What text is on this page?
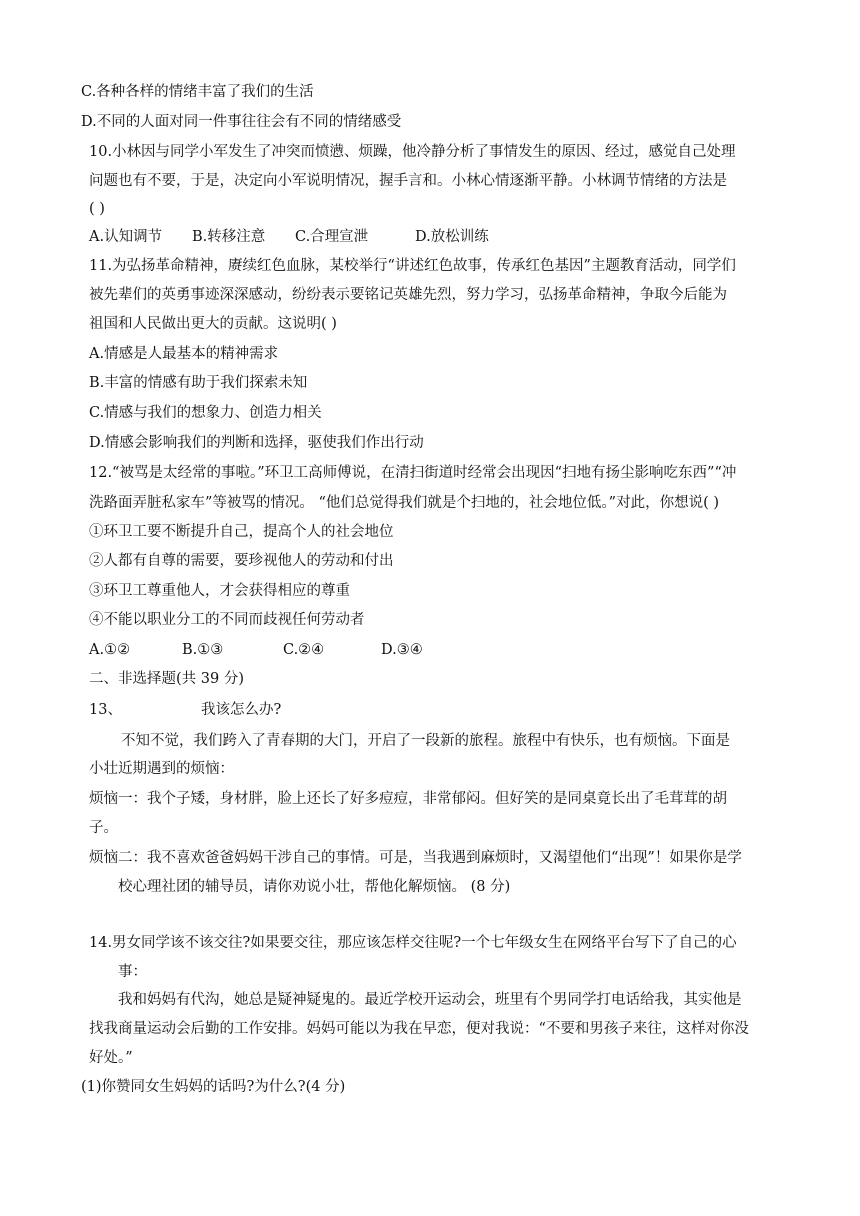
C.各种各样的情绪丰富了我们的生活
D.不同的人面对同一件事往往会有不同的情绪感受
10.小林因与同学小军发生了冲突而愤懑、烦躁，他冷静分析了事情发生的原因、经过，感觉自己处理
问题也有不要，于是，决定向小军说明情况，握手言和。小林心情逐渐平静。小林调节情绪的方法是
( )
A.认知调节 B.转移注意 C.合理宣泄	D.放松训练
11.为弘扬革命精神，赓续红色血脉，某校举行“讲述红色故事，传承红色基因”主题教育活动，同学们
被先辈们的英勇事迹深深感动，纷纷表示要铭记英雄先烈，努力学习，弘扬革命精神，争取今后能为
祖国和人民做出更大的贡献。这说明( )
A.情感是人最基本的精神需求
B.丰富的情感有助于我们探索未知
C.情感与我们的想象力、创造力相关
D.情感会影响我们的判断和选择，驱使我们作出行动
12.“被骂是太经常的事啦。”环卫工高师傅说，在清扫街道时经常会出现因“扫地有扬尘影响吃东西”“冲
洗路面弄脏私家车”等被骂的情况。 “他们总觉得我们就是个扫地的，社会地位低。”对此，你想说( )
①环卫工要不断提升自己，提高个人的社会地位
②人都有自尊的需要，要珍视他人的劳动和付出
③环卫工尊重他人，才会获得相应的尊重
④不能以职业分工的不同而歧视任何劳动者
A.①②	B.①③	C.②④	D.③④
二、非选择题(共 39 分)
13、	我该怎么办?
不知不觉，我们跨入了青春期的大门，开启了一段新的旅程。旅程中有快乐，也有烦恼。下面是
小壮近期遇到的烦恼：
烦恼一：我个子矮，身材胖，脸上还长了好多痘痘，非常郁闷。但好笑的是同桌竟长出了毛茸茸的胡
子。
烦恼二：我不喜欢爸爸妈妈干涉自己的事情。可是，当我遇到麻烦时，又渴望他们“出现”！如果你是学
校心理社团的辅导员，请你劝说小壮，帮他化解烦恼。 (8 分)
14.男女同学该不该交往?如果要交往，那应该怎样交往呢?一个七年级女生在网络平台写下了自己的心
事：
我和妈妈有代沟，她总是疑神疑鬼的。最近学校开运动会，班里有个男同学打电话给我，其实他是
找我商量运动会后勤的工作安排。妈妈可能以为我在早恋，便对我说：“不要和男孩子来往，这样对你没
好处。”
(1)你赞同女生妈妈的话吗?为什么?(4 分)
